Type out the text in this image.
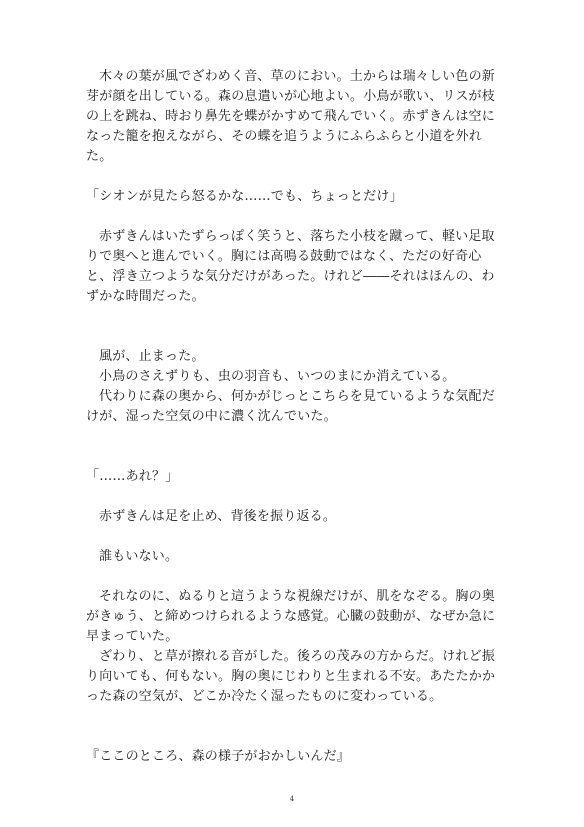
木々の葉が風でざわめく音、草のにおい。土からは瑞々しい色の新芽が顔を出している。森の息遣いが心地よい。小鳥が歌い、リスが枝の上を跳ね、時おり鼻先を蝶がかすめて飛んでいく。赤ずきんは空になった籠を抱えながら、その蝶を追うようにふらふらと小道を外れた。

「シオンが見たら怒るかな……でも、ちょっとだけ」

赤ずきんはいたずらっぽく笑うと、落ちた小枝を蹴って、軽い足取りで奥へと進んでいく。胸には高鳴る鼓動ではなく、ただの好奇心と、浮き立つような気分だけがあった。けれど――それはほんの、わずかな時間だった。

風が、止まった。

小鳥のさえずりも、虫の羽音も、いつのまにか消えている。

代わりに森の奥から、何かがじっとこちらを見ているような気配だけが、湿った空気の中に濃く沈んでいた。

「……あれ？」

赤ずきんは足を止め、背後を振り返る。

誰もいない。

それなのに、ぬるりと這うような視線だけが、肌をなぞる。胸の奥がきゅう、と締めつけられるような感覚。心臓の鼓動が、なぜか急に早まっていた。

ざわり、と草が擦れる音がした。後ろの茂みの方からだ。けれど振り向いても、何もない。胸の奥にじわりと生まれる不安。あたたかかった森の空気が、どこか冷たく湿ったものに変わっている。

『ここのところ、森の様子がおかしいんだ』

4
